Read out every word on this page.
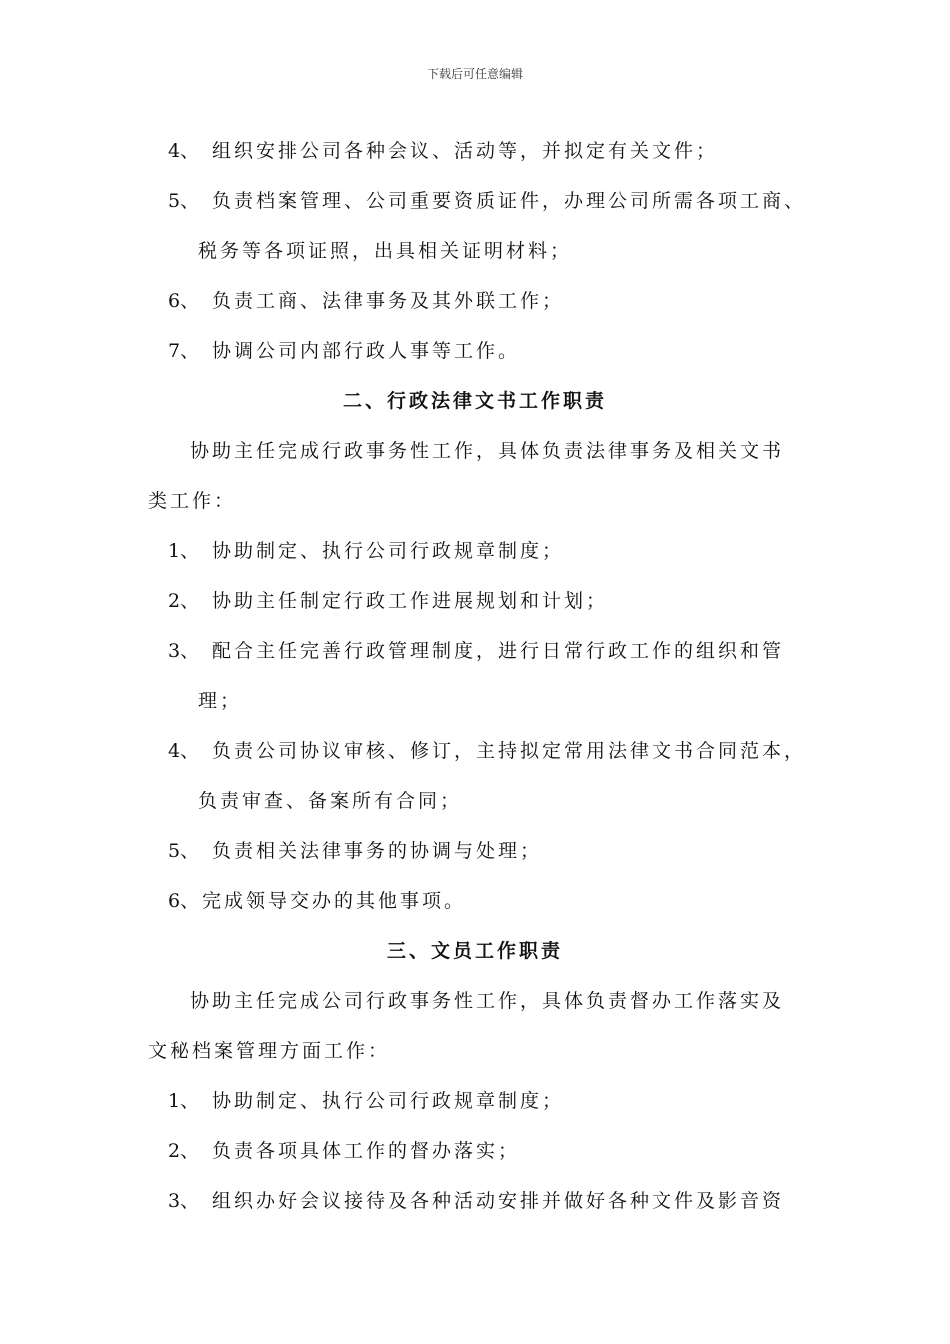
下载后可任意编辑
4、 组织安排公司各种会议、活动等，并拟定有关文件；
5、 负责档案管理、公司重要资质证件，办理公司所需各项工商、
税务等各项证照，出具相关证明材料；
6、 负责工商、法律事务及其外联工作；
7、 协调公司内部行政人事等工作。
二、行政法律文书工作职责
协助主任完成行政事务性工作，具体负责法律事务及相关文书
类工作：
1、 协助制定、执行公司行政规章制度；
2、 协助主任制定行政工作进展规划和计划；
3、 配合主任完善行政管理制度，进行日常行政工作的组织和管
理；
4、 负责公司协议审核、修订，主持拟定常用法律文书合同范本，
负责审查、备案所有合同；
5、 负责相关法律事务的协调与处理；
6、 完成领导交办的其他事项。
三、文员工作职责
协助主任完成公司行政事务性工作，具体负责督办工作落实及
文秘档案管理方面工作：
1、 协助制定、执行公司行政规章制度；
2、 负责各项具体工作的督办落实；
3、 组织办好会议接待及各种活动安排并做好各种文件及影音资
